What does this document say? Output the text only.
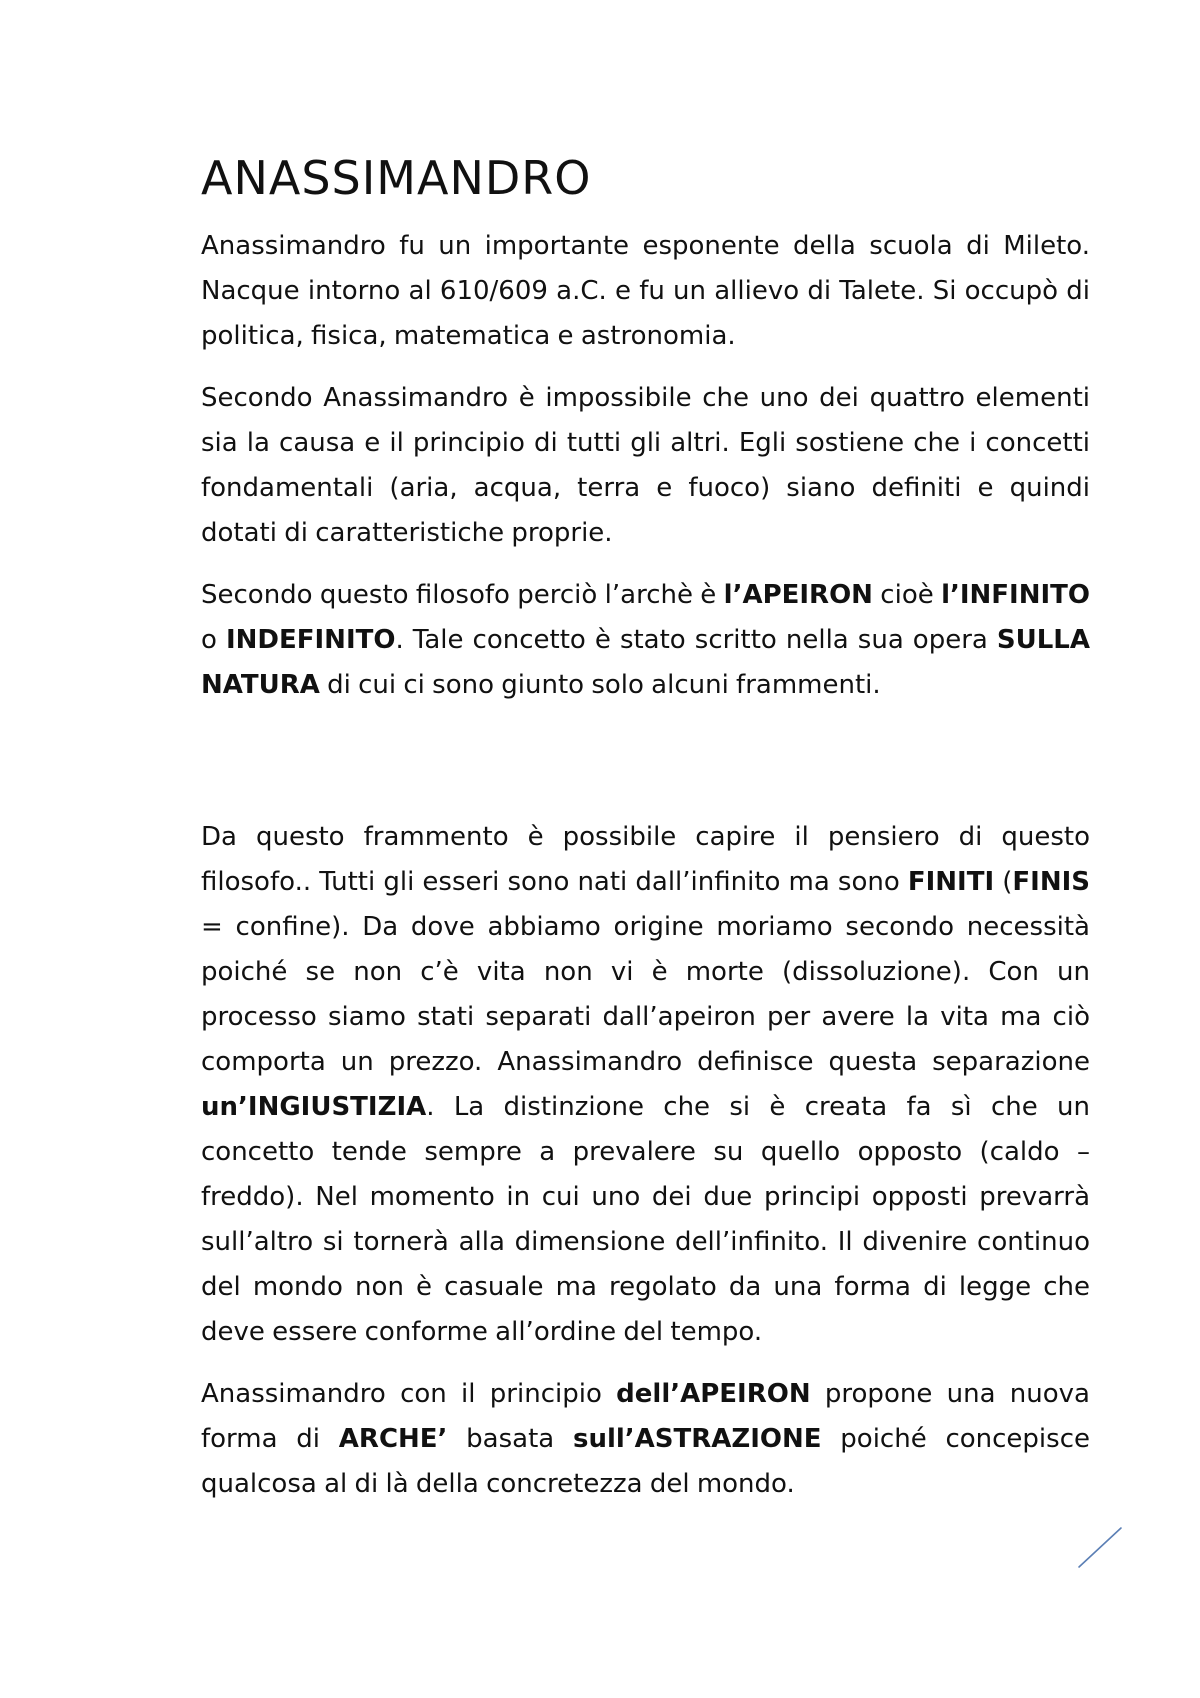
ANASSIMANDRO

Anassimandro fu un importante esponente della scuola di Mileto. Nacque intorno al 610/609 a.C. e fu un allievo di Talete. Si occupò di politica, fisica, matematica e astronomia.

Secondo Anassimandro è impossibile che uno dei quattro elementi sia la causa e il principio di tutti gli altri. Egli sostiene che i concetti fondamentali (aria, acqua, terra e fuoco) siano definiti e quindi dotati di caratteristiche proprie.

Secondo questo filosofo perciò l’archè è l’APEIRON cioè l’INFINITO o INDEFINITO. Tale concetto è stato scritto nella sua opera SULLA NATURA di cui ci sono giunto solo alcuni frammenti.

Da questo frammento è possibile capire il pensiero di questo filosofo.. Tutti gli esseri sono nati dall’infinito ma sono FINITI (FINIS = confine). Da dove abbiamo origine moriamo secondo necessità poiché se non c’è vita non vi è morte (dissoluzione). Con un processo siamo stati separati dall’apeiron per avere la vita ma ciò comporta un prezzo. Anassimandro definisce questa separazione un’INGIUSTIZIA. La distinzione che si è creata fa sì che un concetto tende sempre a prevalere su quello opposto (caldo – freddo). Nel momento in cui uno dei due principi opposti prevarrà sull’altro si tornerà alla dimensione dell’infinito. Il divenire continuo del mondo non è casuale ma regolato da una forma di legge che deve essere conforme all’ordine del tempo.

Anassimandro con il principio dell’APEIRON propone una nuova forma di ARCHE’ basata sull’ASTRAZIONE poiché concepisce qualcosa al di là della concretezza del mondo.
